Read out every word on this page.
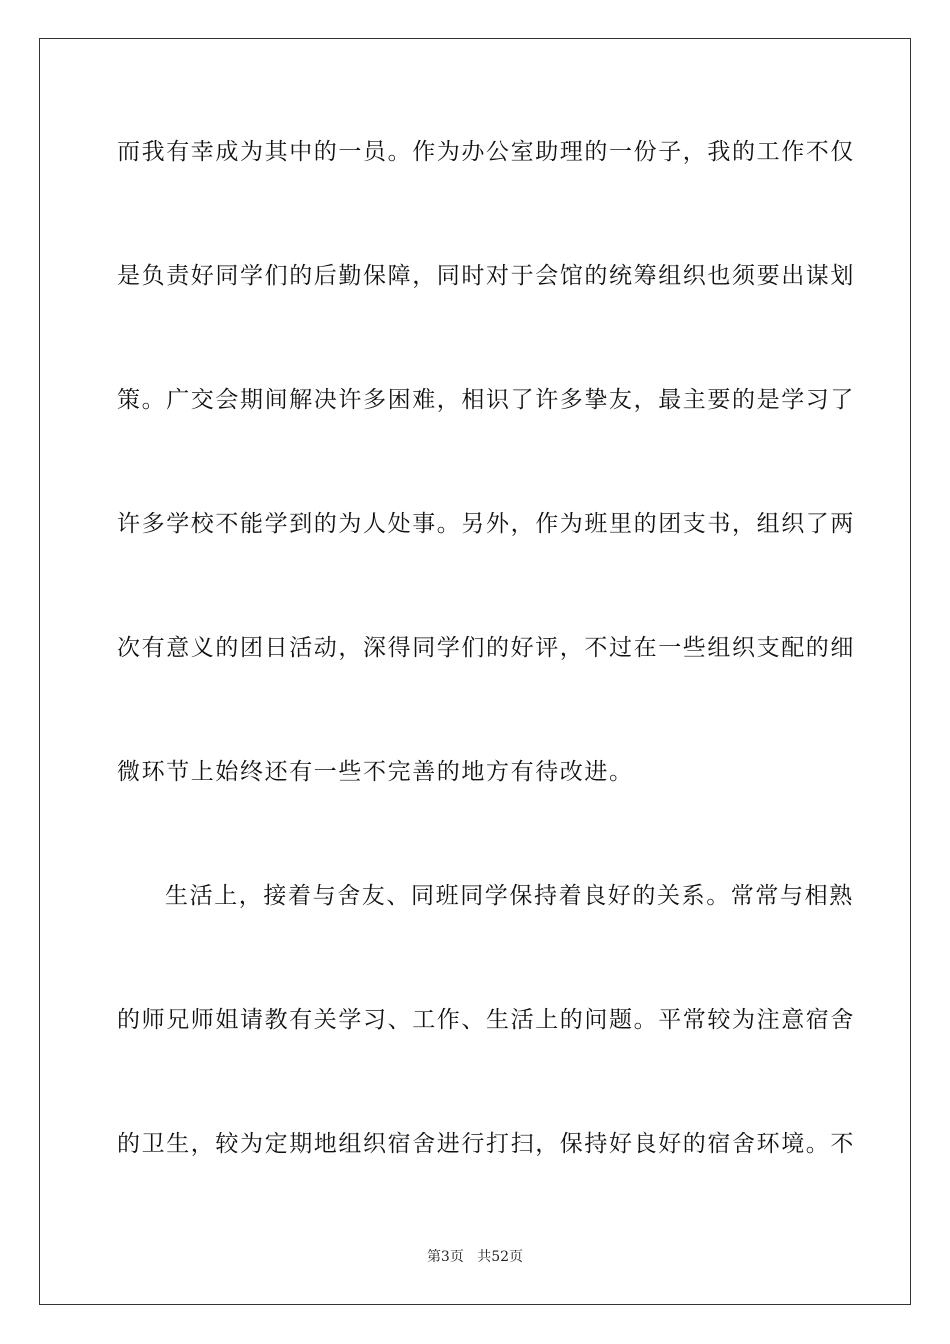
而我有幸成为其中的一员。作为办公室助理的一份子，我的工作不仅
是负责好同学们的后勤保障，同时对于会馆的统筹组织也须要出谋划
策。广交会期间解决许多困难，相识了许多挚友，最主要的是学习了
许多学校不能学到的为人处事。另外，作为班里的团支书，组织了两
次有意义的团日活动，深得同学们的好评，不过在一些组织支配的细
微环节上始终还有一些不完善的地方有待改进。
生活上，接着与舍友、同班同学保持着良好的关系。常常与相熟
的师兄师姐请教有关学习、工作、生活上的问题。平常较为注意宿舍
的卫生，较为定期地组织宿舍进行打扫，保持好良好的宿舍环境。不
第3页 共52页
